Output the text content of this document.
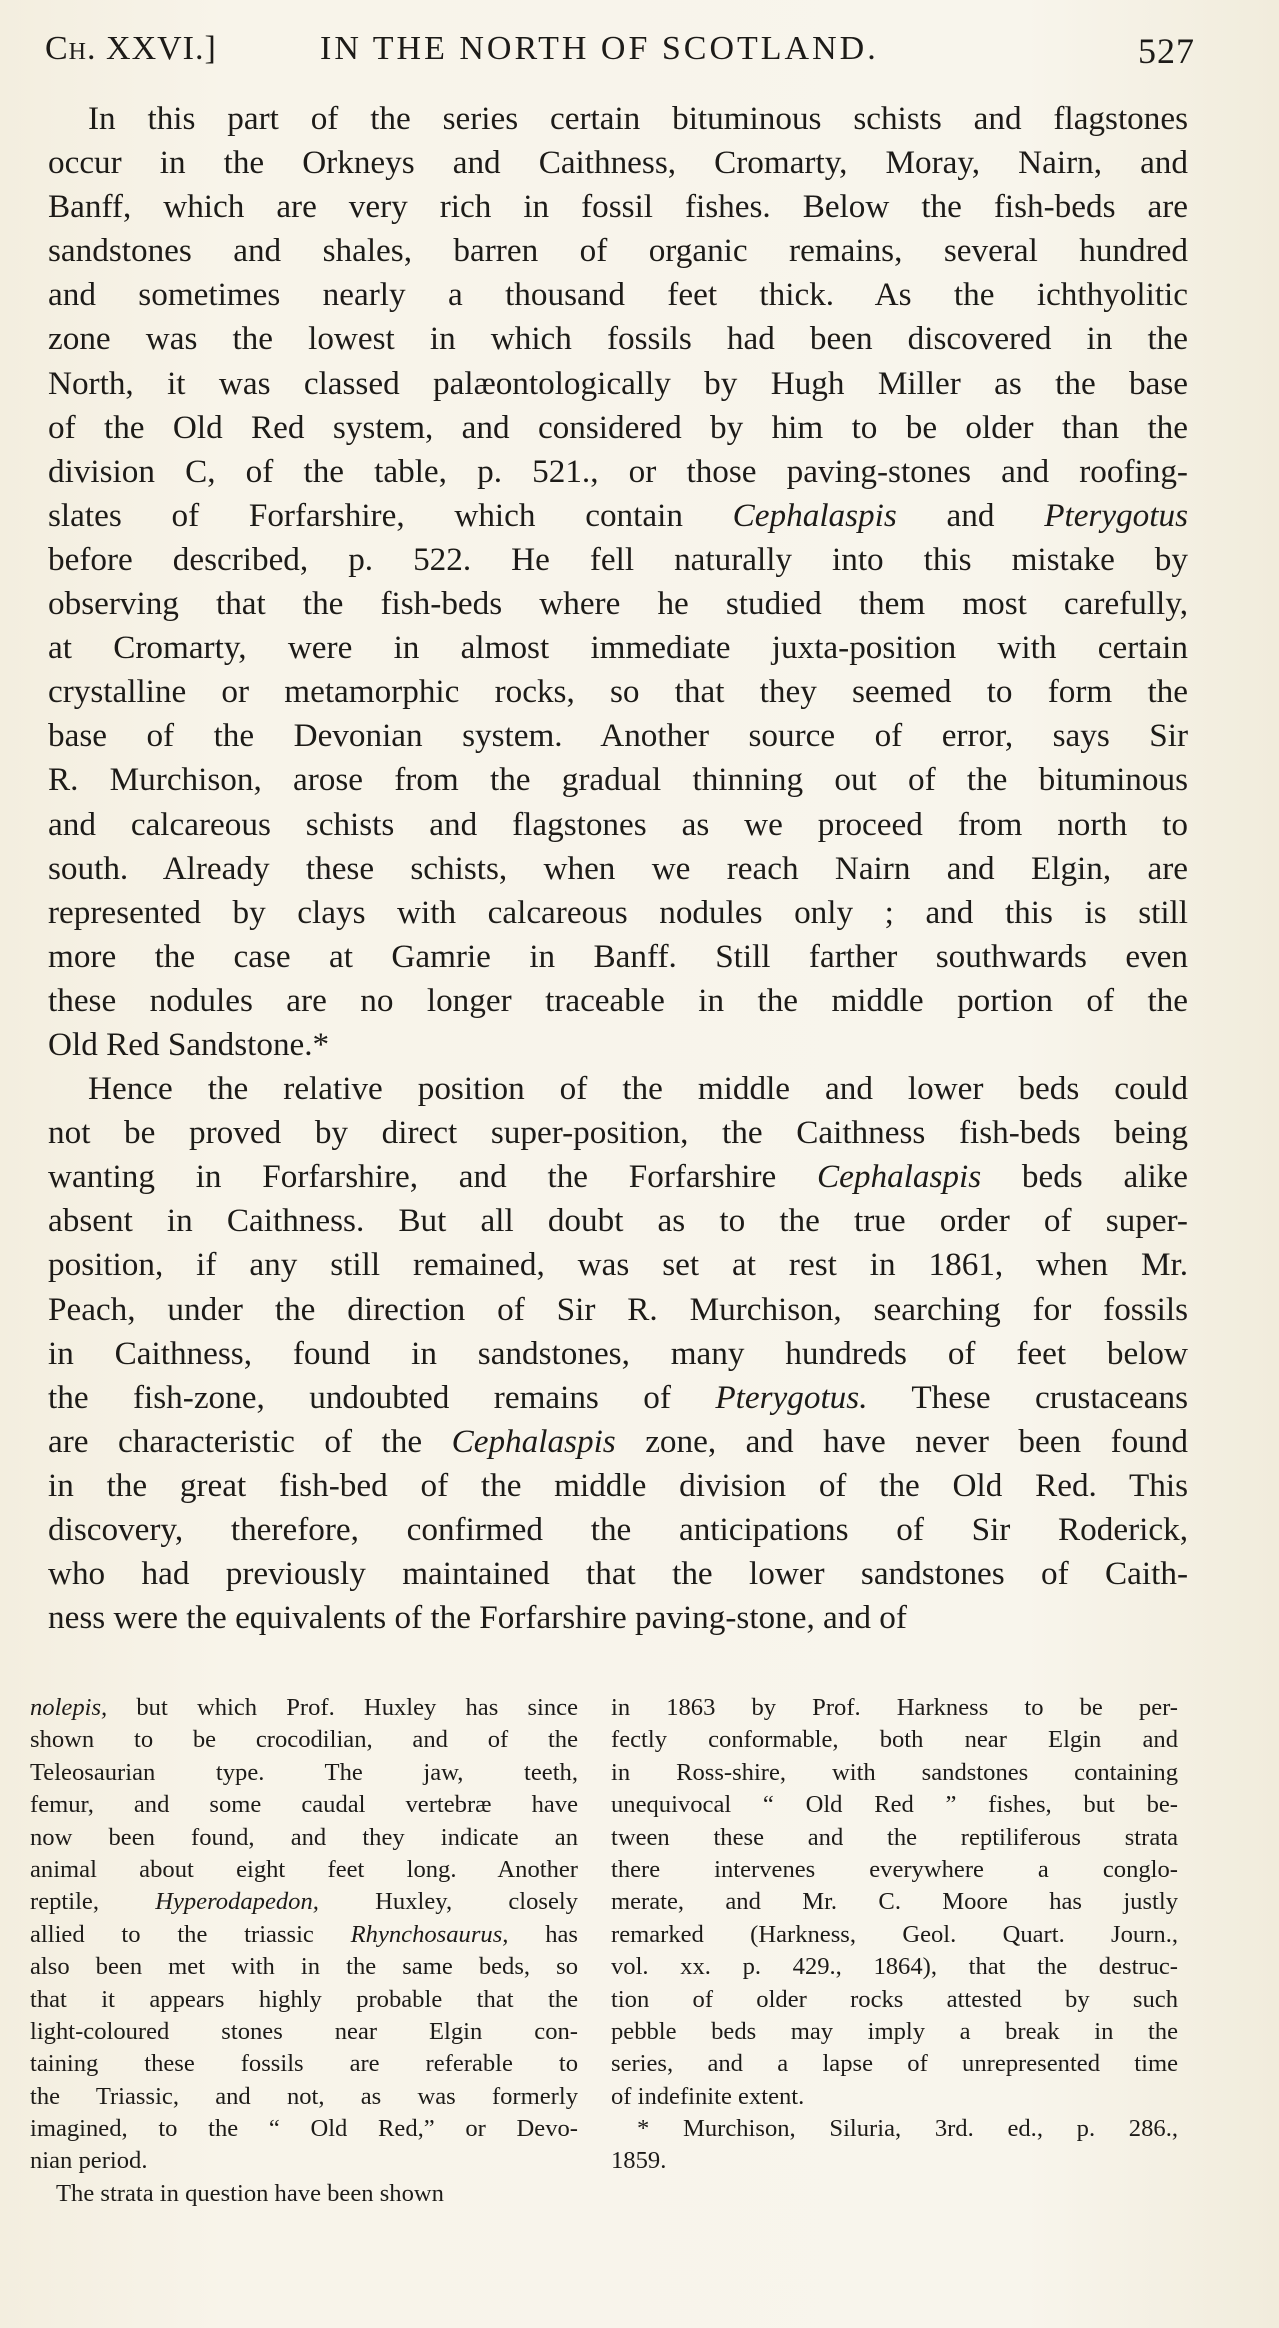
Ch. XXVI.]	IN THE NORTH OF SCOTLAND.	527
In this part of the series certain bituminous schists and flagstones
occur in the Orkneys and Caithness, Cromarty, Moray, Nairn, and
Banff, which are very rich in fossil fishes. Below the fish-beds are
sandstones and shales, barren of organic remains, several hundred
and sometimes nearly a thousand feet thick. As the ichthyolitic
zone was the lowest in which fossils had been discovered in the
North, it was classed palæontologically by Hugh Miller as the base
of the Old Red system, and considered by him to be older than the
division C, of the table, p. 521., or those paving-stones and roofing-
slates of Forfarshire, which contain Cephalaspis and Pterygotus
before described, p. 522. He fell naturally into this mistake by
observing that the fish-beds where he studied them most carefully,
at Cromarty, were in almost immediate juxta-position with certain
crystalline or metamorphic rocks, so that they seemed to form the
base of the Devonian system. Another source of error, says Sir
R. Murchison, arose from the gradual thinning out of the bituminous
and calcareous schists and flagstones as we proceed from north to
south. Already these schists, when we reach Nairn and Elgin, are
represented by clays with calcareous nodules only ; and this is still
more the case at Gamrie in Banff. Still farther southwards even
these nodules are no longer traceable in the middle portion of the
Old Red Sandstone.*
Hence the relative position of the middle and lower beds could
not be proved by direct super-position, the Caithness fish-beds being
wanting in Forfarshire, and the Forfarshire Cephalaspis beds alike
absent in Caithness. But all doubt as to the true order of super-
position, if any still remained, was set at rest in 1861, when Mr.
Peach, under the direction of Sir R. Murchison, searching for fossils
in Caithness, found in sandstones, many hundreds of feet below
the fish-zone, undoubted remains of Pterygotus. These crustaceans
are characteristic of the Cephalaspis zone, and have never been found
in the great fish-bed of the middle division of the Old Red. This
discovery, therefore, confirmed the anticipations of Sir Roderick,
who had previously maintained that the lower sandstones of Caith-
ness were the equivalents of the Forfarshire paving-stone, and of
nolepis, but which Prof. Huxley has since
shown to be crocodilian, and of the
Teleosaurian type. The jaw, teeth,
femur, and some caudal vertebræ have
now been found, and they indicate an
animal about eight feet long. Another
reptile, Hyperodapedon, Huxley, closely
allied to the triassic Rhynchosaurus, has
also been met with in the same beds, so
that it appears highly probable that the
light-coloured stones near Elgin con-
taining these fossils are referable to
the Triassic, and not, as was formerly
imagined, to the “ Old Red,” or Devo-
nian period.
The strata in question have been shown
in 1863 by Prof. Harkness to be per-
fectly conformable, both near Elgin and
in Ross-shire, with sandstones containing
unequivocal “ Old Red ” fishes, but be-
tween these and the reptiliferous strata
there intervenes everywhere a conglo-
merate, and Mr. C. Moore has justly
remarked (Harkness, Geol. Quart. Journ.,
vol. xx. p. 429., 1864), that the destruc-
tion of older rocks attested by such
pebble beds may imply a break in the
series, and a lapse of unrepresented time
of indefinite extent.
* Murchison, Siluria, 3rd. ed., p. 286.,
1859.
